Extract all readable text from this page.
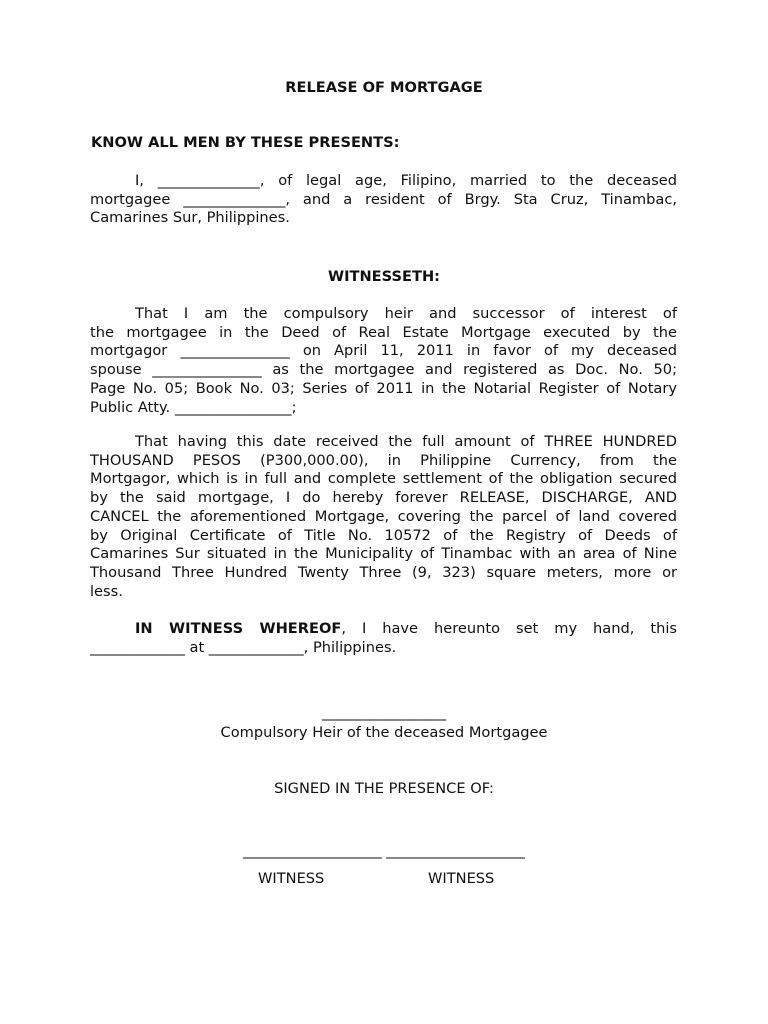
RELEASE OF MORTGAGE
KNOW ALL MEN BY THESE PRESENTS:
I, ______________, of legal age, Filipino, married to the deceased
mortgagee ______________, and a resident of Brgy. Sta Cruz, Tinambac,
Camarines Sur, Philippines.
WITNESSETH:
That I am the compulsory heir and successor of interest of
the mortgagee in the Deed of Real Estate Mortgage executed by the
mortgagor _______________ on April 11, 2011 in favor of my deceased
spouse _______________ as the mortgagee and registered as Doc. No. 50;
Page No. 05; Book No. 03; Series of 2011 in the Notarial Register of Notary
Public Atty. ________________;
That having this date received the full amount of THREE HUNDRED
THOUSAND PESOS (P300,000.00), in Philippine Currency, from the
Mortgagor, which is in full and complete settlement of the obligation secured
by the said mortgage, I do hereby forever RELEASE, DISCHARGE, AND
CANCEL the aforementioned Mortgage, covering the parcel of land covered
by Original Certificate of Title No. 10572 of the Registry of Deeds of
Camarines Sur situated in the Municipality of Tinambac with an area of Nine
Thousand Three Hundred Twenty Three (9, 323) square meters, more or
less.
IN WITNESS WHEREOF, I have hereunto set my hand, this
_____________ at _____________, Philippines.
_________________
Compulsory Heir of the deceased Mortgagee
SIGNED IN THE PRESENCE OF:
___________________ ___________________
WITNESS	WITNESS
